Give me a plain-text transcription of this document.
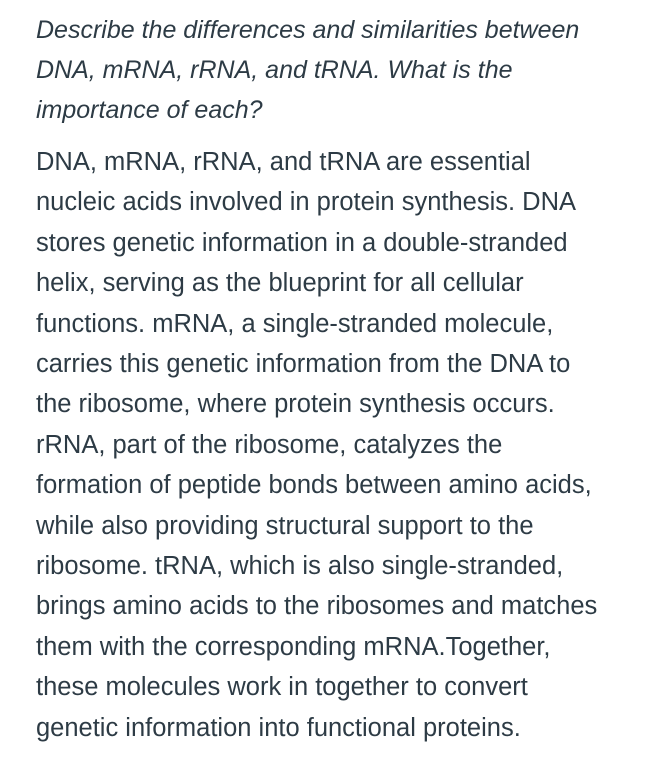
Describe the differences and similarities between
DNA, mRNA, rRNA, and tRNA. What is the
importance of each?

DNA, mRNA, rRNA, and tRNA are essential
nucleic acids involved in protein synthesis. DNA
stores genetic information in a double-stranded
helix, serving as the blueprint for all cellular
functions. mRNA, a single-stranded molecule,
carries this genetic information from the DNA to
the ribosome, where protein synthesis occurs.
rRNA, part of the ribosome, catalyzes the
formation of peptide bonds between amino acids,
while also providing structural support to the
ribosome. tRNA, which is also single-stranded,
brings amino acids to the ribosomes and matches
them with the corresponding mRNA.Together,
these molecules work in together to convert
genetic information into functional proteins.
